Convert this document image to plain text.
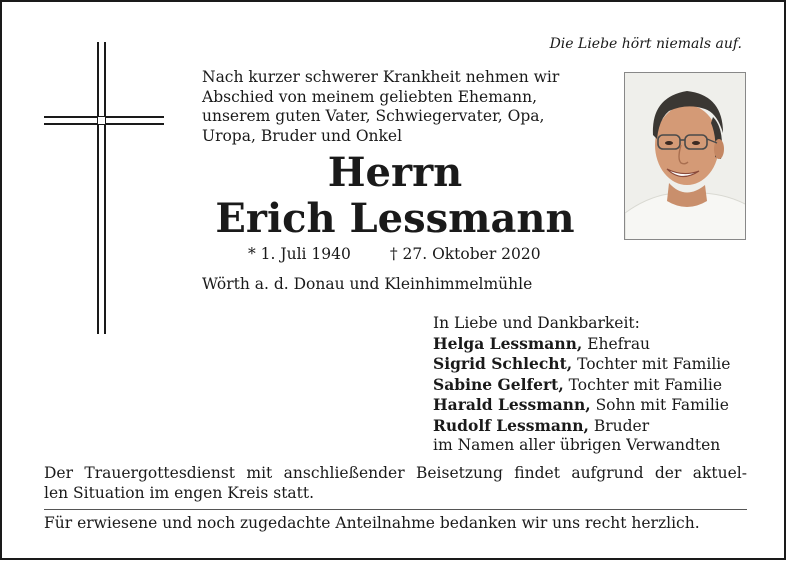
Die Liebe hört niemals auf.
Nach kurzer schwerer Krankheit nehmen wir
Abschied von meinem geliebten Ehemann,
unserem guten Vater, Schwiegervater, Opa,
Uropa, Bruder und Onkel
Herrn
Erich Lessmann
* 1. Juli 1940	† 27. Oktober 2020
Wörth a. d. Donau und Kleinhimmelmühle
In Liebe und Dankbarkeit:
Helga Lessmann, Ehefrau
Sigrid Schlecht, Tochter mit Familie
Sabine Gelfert, Tochter mit Familie
Harald Lessmann, Sohn mit Familie
Rudolf Lessmann, Bruder
im Namen aller übrigen Verwandten
Der Trauergottesdienst mit anschließender Beisetzung findet aufgrund der aktuel-
len Situation im engen Kreis statt.
Für erwiesene und noch zugedachte Anteilnahme bedanken wir uns recht herzlich.
